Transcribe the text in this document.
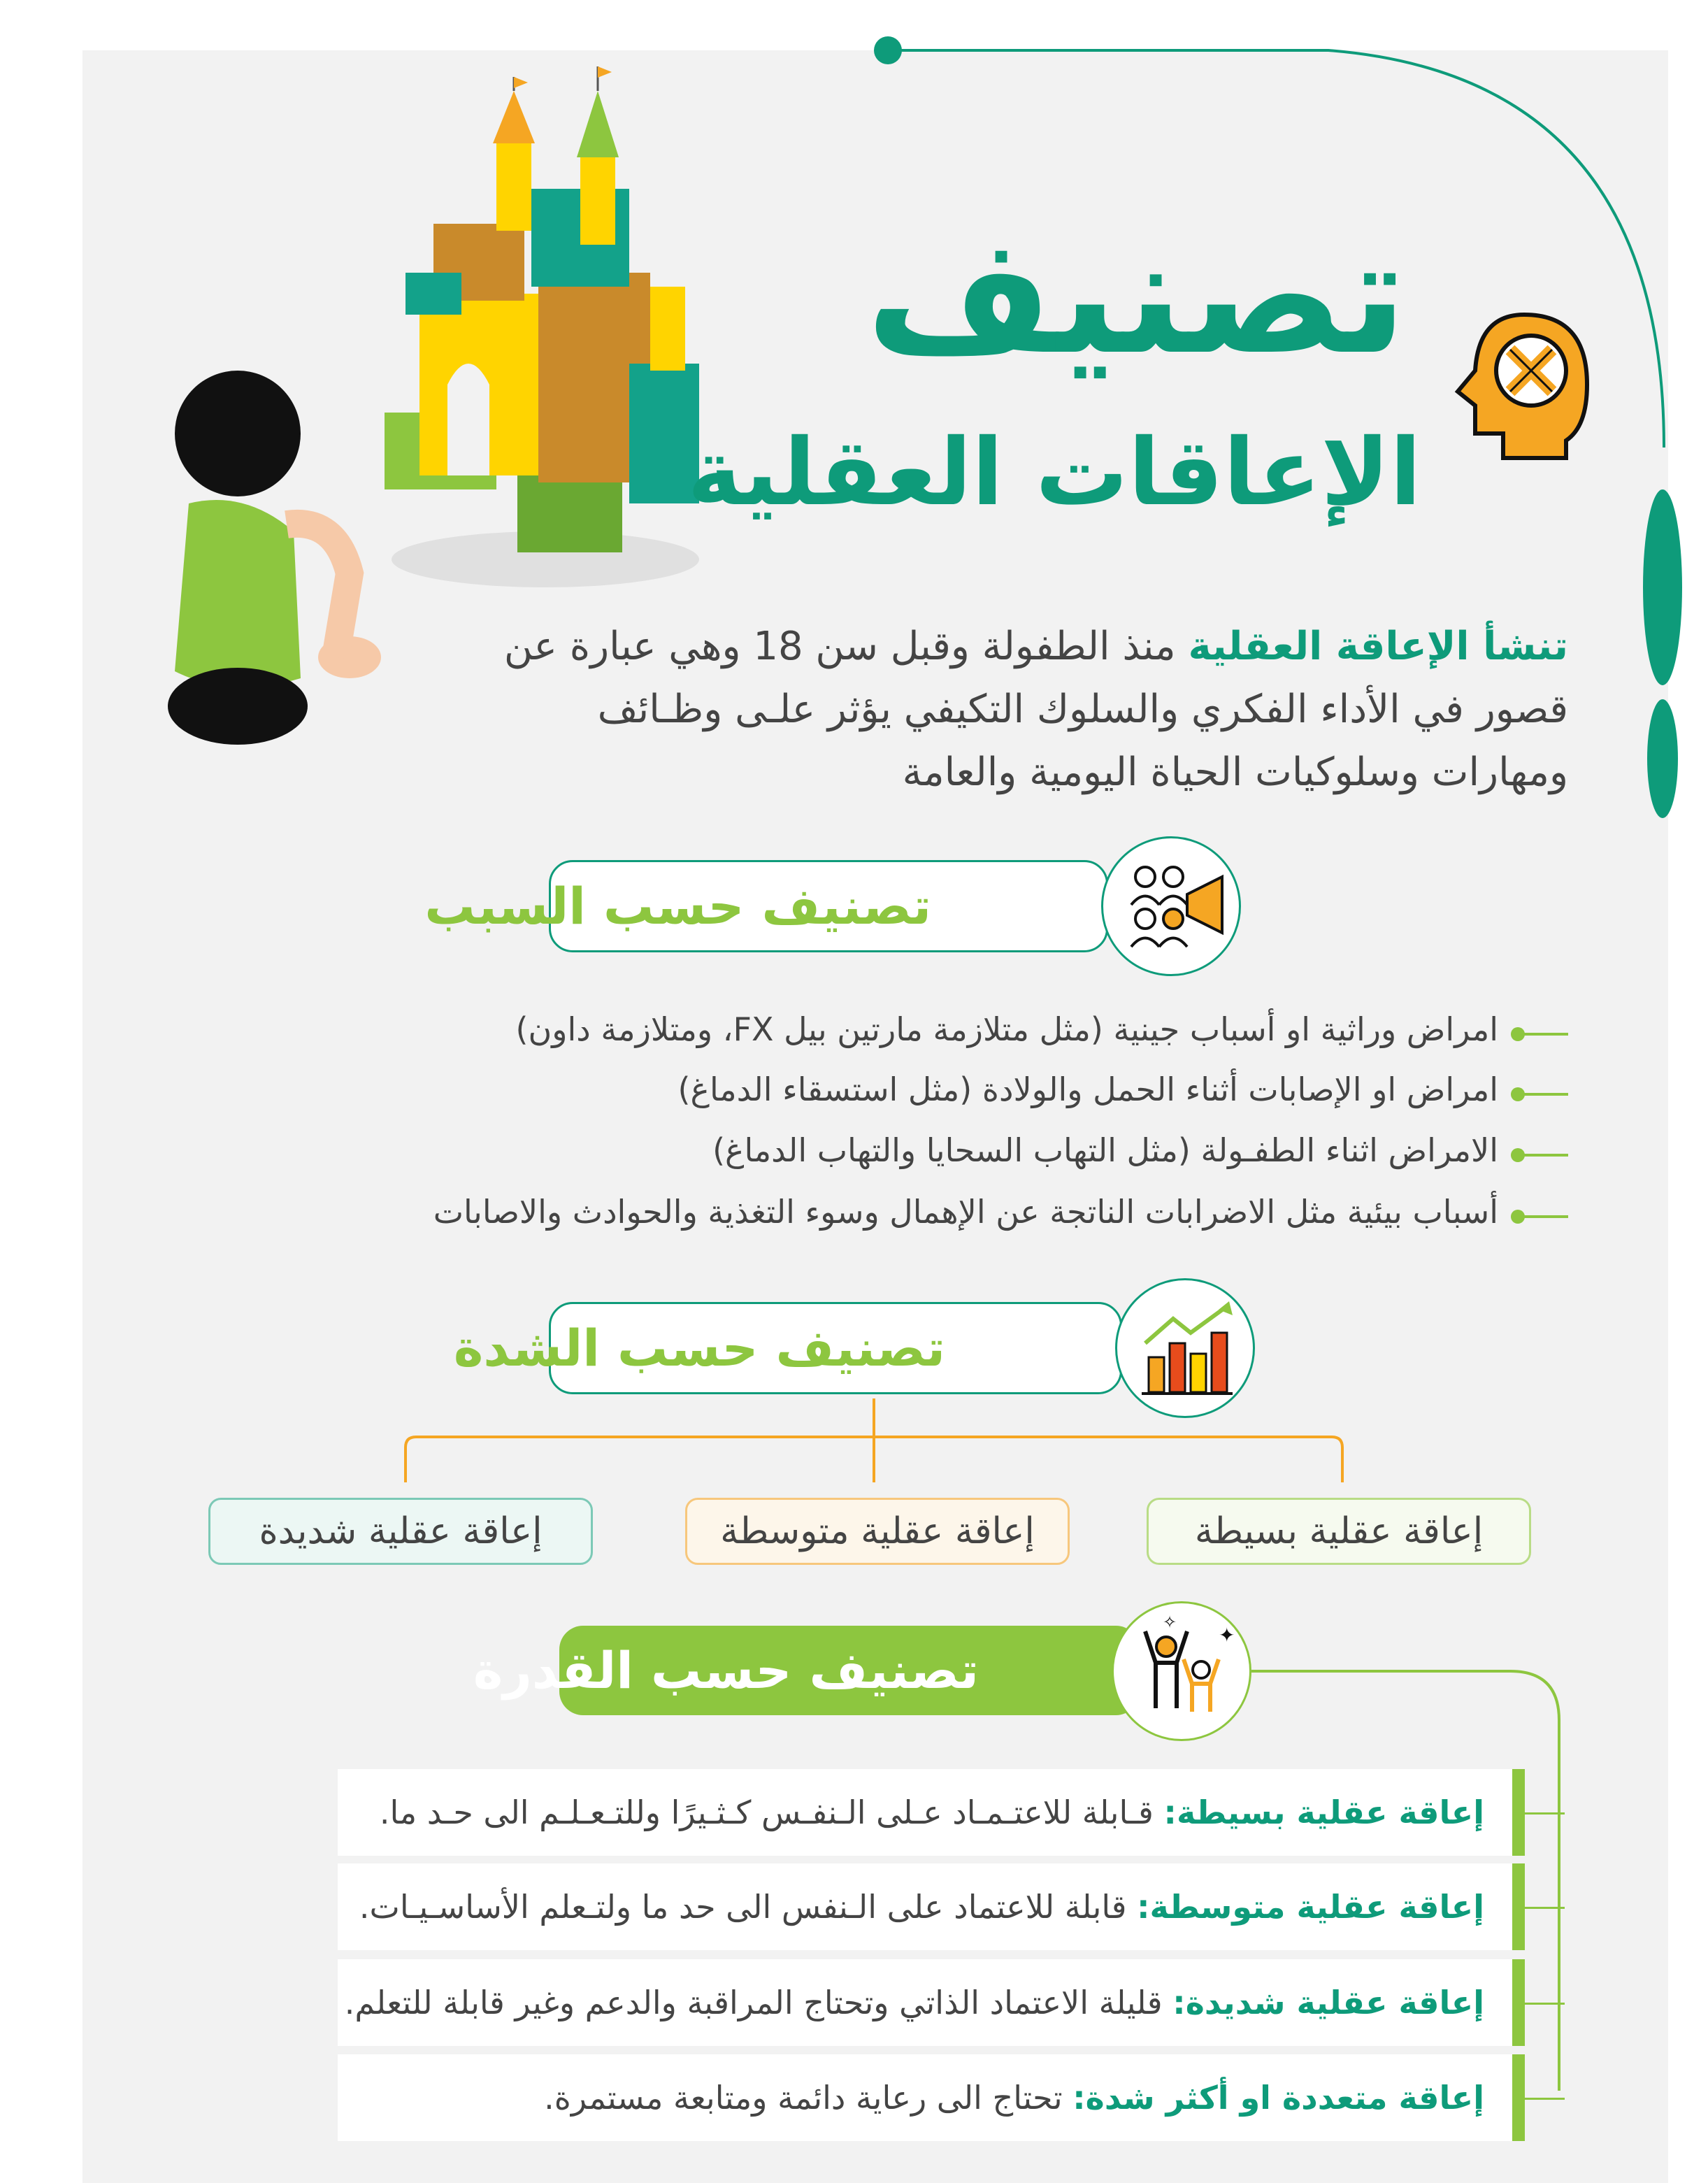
تصنيف
الإعاقات العقلية
تنشأ الإعاقة العقلية منذ الطفولة وقبل سن 18 وهي عبارة عن
قصور في الأداء الفكري والسلوك التكيفي يؤثر علـى وظـائف
ومهارات وسلوكيات الحياة اليومية والعامة
تصنيف حسب السبب
امراض وراثية او أسباب جينية (مثل متلازمة مارتين بيل FX، ومتلازمة داون)
امراض او الإصابات أثناء الحمل والولادة (مثل استسقاء الدماغ)
الامراض اثناء الطفـولة (مثل التهاب السحايا والتهاب الدماغ)
أسباب بيئية مثل الاضرابات الناتجة عن الإهمال وسوء التغذية والحوادث والاصابات
تصنيف حسب الشدة
إعاقة عقلية بسيطة
إعاقة عقلية متوسطة
إعاقة عقلية شديدة
تصنيف حسب القدرة
✦
✧
إعاقة عقلية بسيطة: قـابلة للاعتـمـاد عـلى الـنفـس كـثـيرًا وللتـعـلـم الى حـد ما.
إعاقة عقلية متوسطة: قابلة للاعتماد على الـنفس الى حد ما ولتـعلم الأساسـيـات.
إعاقة عقلية شديدة: قليلة الاعتماد الذاتي وتحتاج المراقبة والدعم وغير قابلة للتعلم.
إعاقة متعددة او أكثر شدة: تحتاج الى رعاية دائمة ومتابعة مستمرة.
